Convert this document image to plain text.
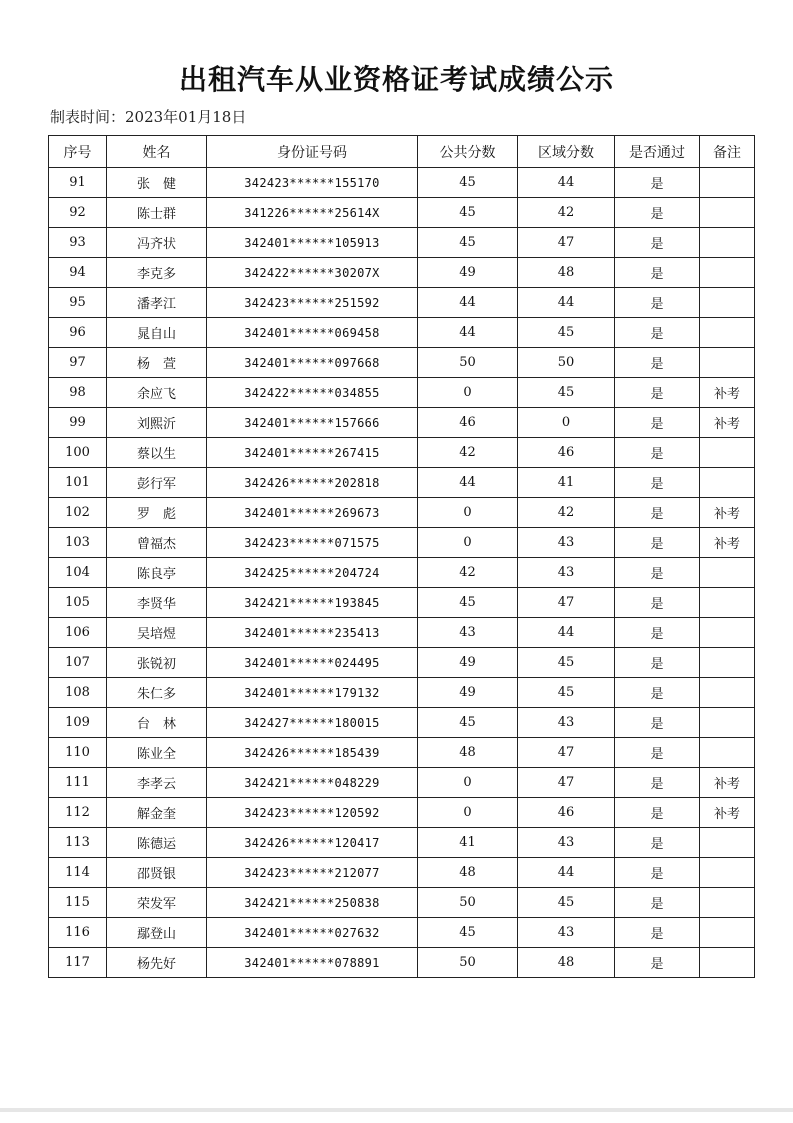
出租汽车从业资格证考试成绩公示
制表时间：2023年01月18日
序号	姓名	身份证号码	公共分数	区域分数	是否通过	备注
91	张　健	342423******155170	45	44	是	
92	陈士群	341226******25614X	45	42	是	
93	冯齐状	342401******105913	45	47	是	
94	李克多	342422******30207X	49	48	是	
95	潘孝江	342423******251592	44	44	是	
96	晁自山	342401******069458	44	45	是	
97	杨　萱	342401******097668	50	50	是	
98	余应飞	342422******034855	0	45	是	补考
99	刘熙沂	342401******157666	46	0	是	补考
100	蔡以生	342401******267415	42	46	是	
101	彭行军	342426******202818	44	41	是	
102	罗　彪	342401******269673	0	42	是	补考
103	曾福杰	342423******071575	0	43	是	补考
104	陈良亭	342425******204724	42	43	是	
105	李贤华	342421******193845	45	47	是	
106	吴培煜	342401******235413	43	44	是	
107	张锐初	342401******024495	49	45	是	
108	朱仁多	342401******179132	49	45	是	
109	台　林	342427******180015	45	43	是	
110	陈业全	342426******185439	48	47	是	
111	李孝云	342421******048229	0	47	是	补考
112	解金奎	342423******120592	0	46	是	补考
113	陈德运	342426******120417	41	43	是	
114	邵贤银	342423******212077	48	44	是	
115	荣发军	342421******250838	50	45	是	
116	鄢登山	342401******027632	45	43	是	
117	杨先好	342401******078891	50	48	是	
